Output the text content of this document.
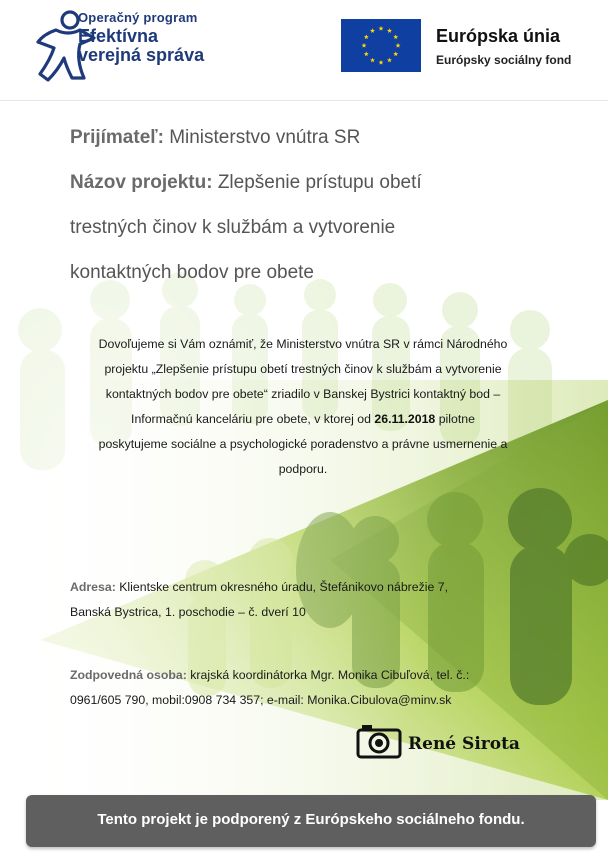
Operačný program
Efektívna
verejná správa
Európska únia
Európsky sociálny fond
Prijímateľ: Ministerstvo vnútra SR
Názov projektu: Zlepšenie prístupu obetí
trestných činov k službám a vytvorenie
kontaktných bodov pre obete
Dovoľujeme si Vám oznámiť, že Ministerstvo vnútra SR v rámci Národného
projektu „Zlepšenie prístupu obetí trestných činov k službám a vytvorenie
kontaktných bodov pre obete“ zriadilo v Banskej Bystrici kontaktný bod –
Informačnú kanceláriu pre obete, v ktorej od 26.11.2018 pilotne
poskytujeme sociálne a psychologické poradenstvo a právne usmernenie a
podporu.
Adresa: Klientske centrum okresného úradu, Štefánikovo nábrežie 7,
Banská Bystrica, 1. poschodie – č. dverí 10
Zodpovedná osoba: krajská koordinátorka Mgr. Monika Cibuľová, tel. č.:
0961/605 790, mobil:0908 734 357; e-mail: Monika.Cibulova@minv.sk
René Sirota
Tento projekt je podporený z Európskeho sociálneho fondu.
